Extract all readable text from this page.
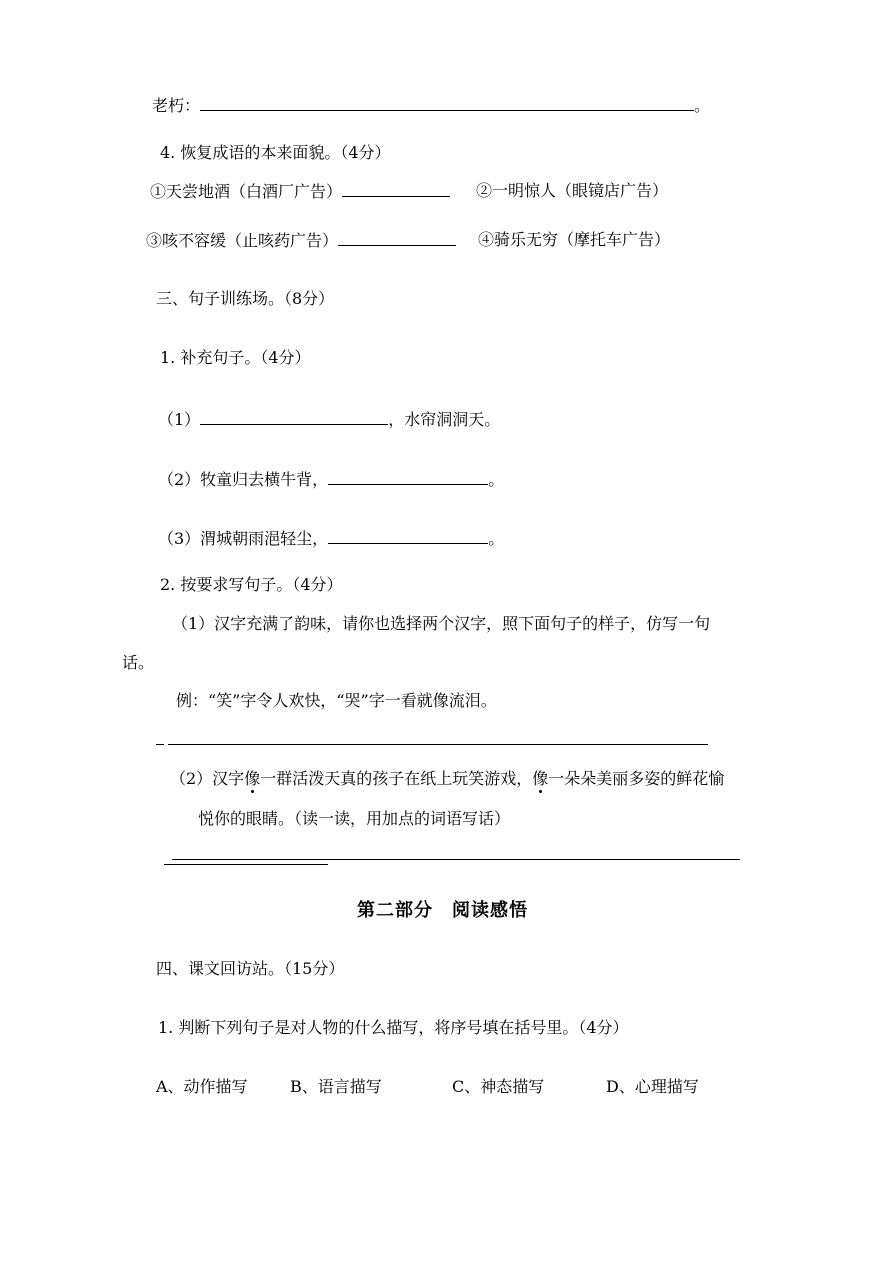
老朽：	。
4. 恢复成语的本来面貌。（4分）
①天尝地酒（白酒厂广告）	②一明惊人（眼镜店广告）
③咳不容缓（止咳药广告）	④骑乐无穷（摩托车广告）
三、句子训练场。（8分）
1. 补充句子。（4分）
（1）	，水帘洞洞天。
（2）牧童归去横牛背，	。
（3）渭城朝雨浥轻尘，	。
2. 按要求写句子。（4分）
（1）汉字充满了韵味，请你也选择两个汉字，照下面句子的样子，仿写一句
话。
例：“笑”字令人欢快，“哭”字一看就像流泪。
（2）汉字像一群活泼天真的孩子在纸上玩笑游戏，像一朵朵美丽多姿的鲜花愉
悦你的眼睛。（读一读，用加点的词语写话）
第二部分　阅读感悟
四、课文回访站。（15分）
1. 判断下列句子是对人物的什么描写，将序号填在括号里。（4分）
A、动作描写	B、语言描写	C、神态描写	D、心理描写
